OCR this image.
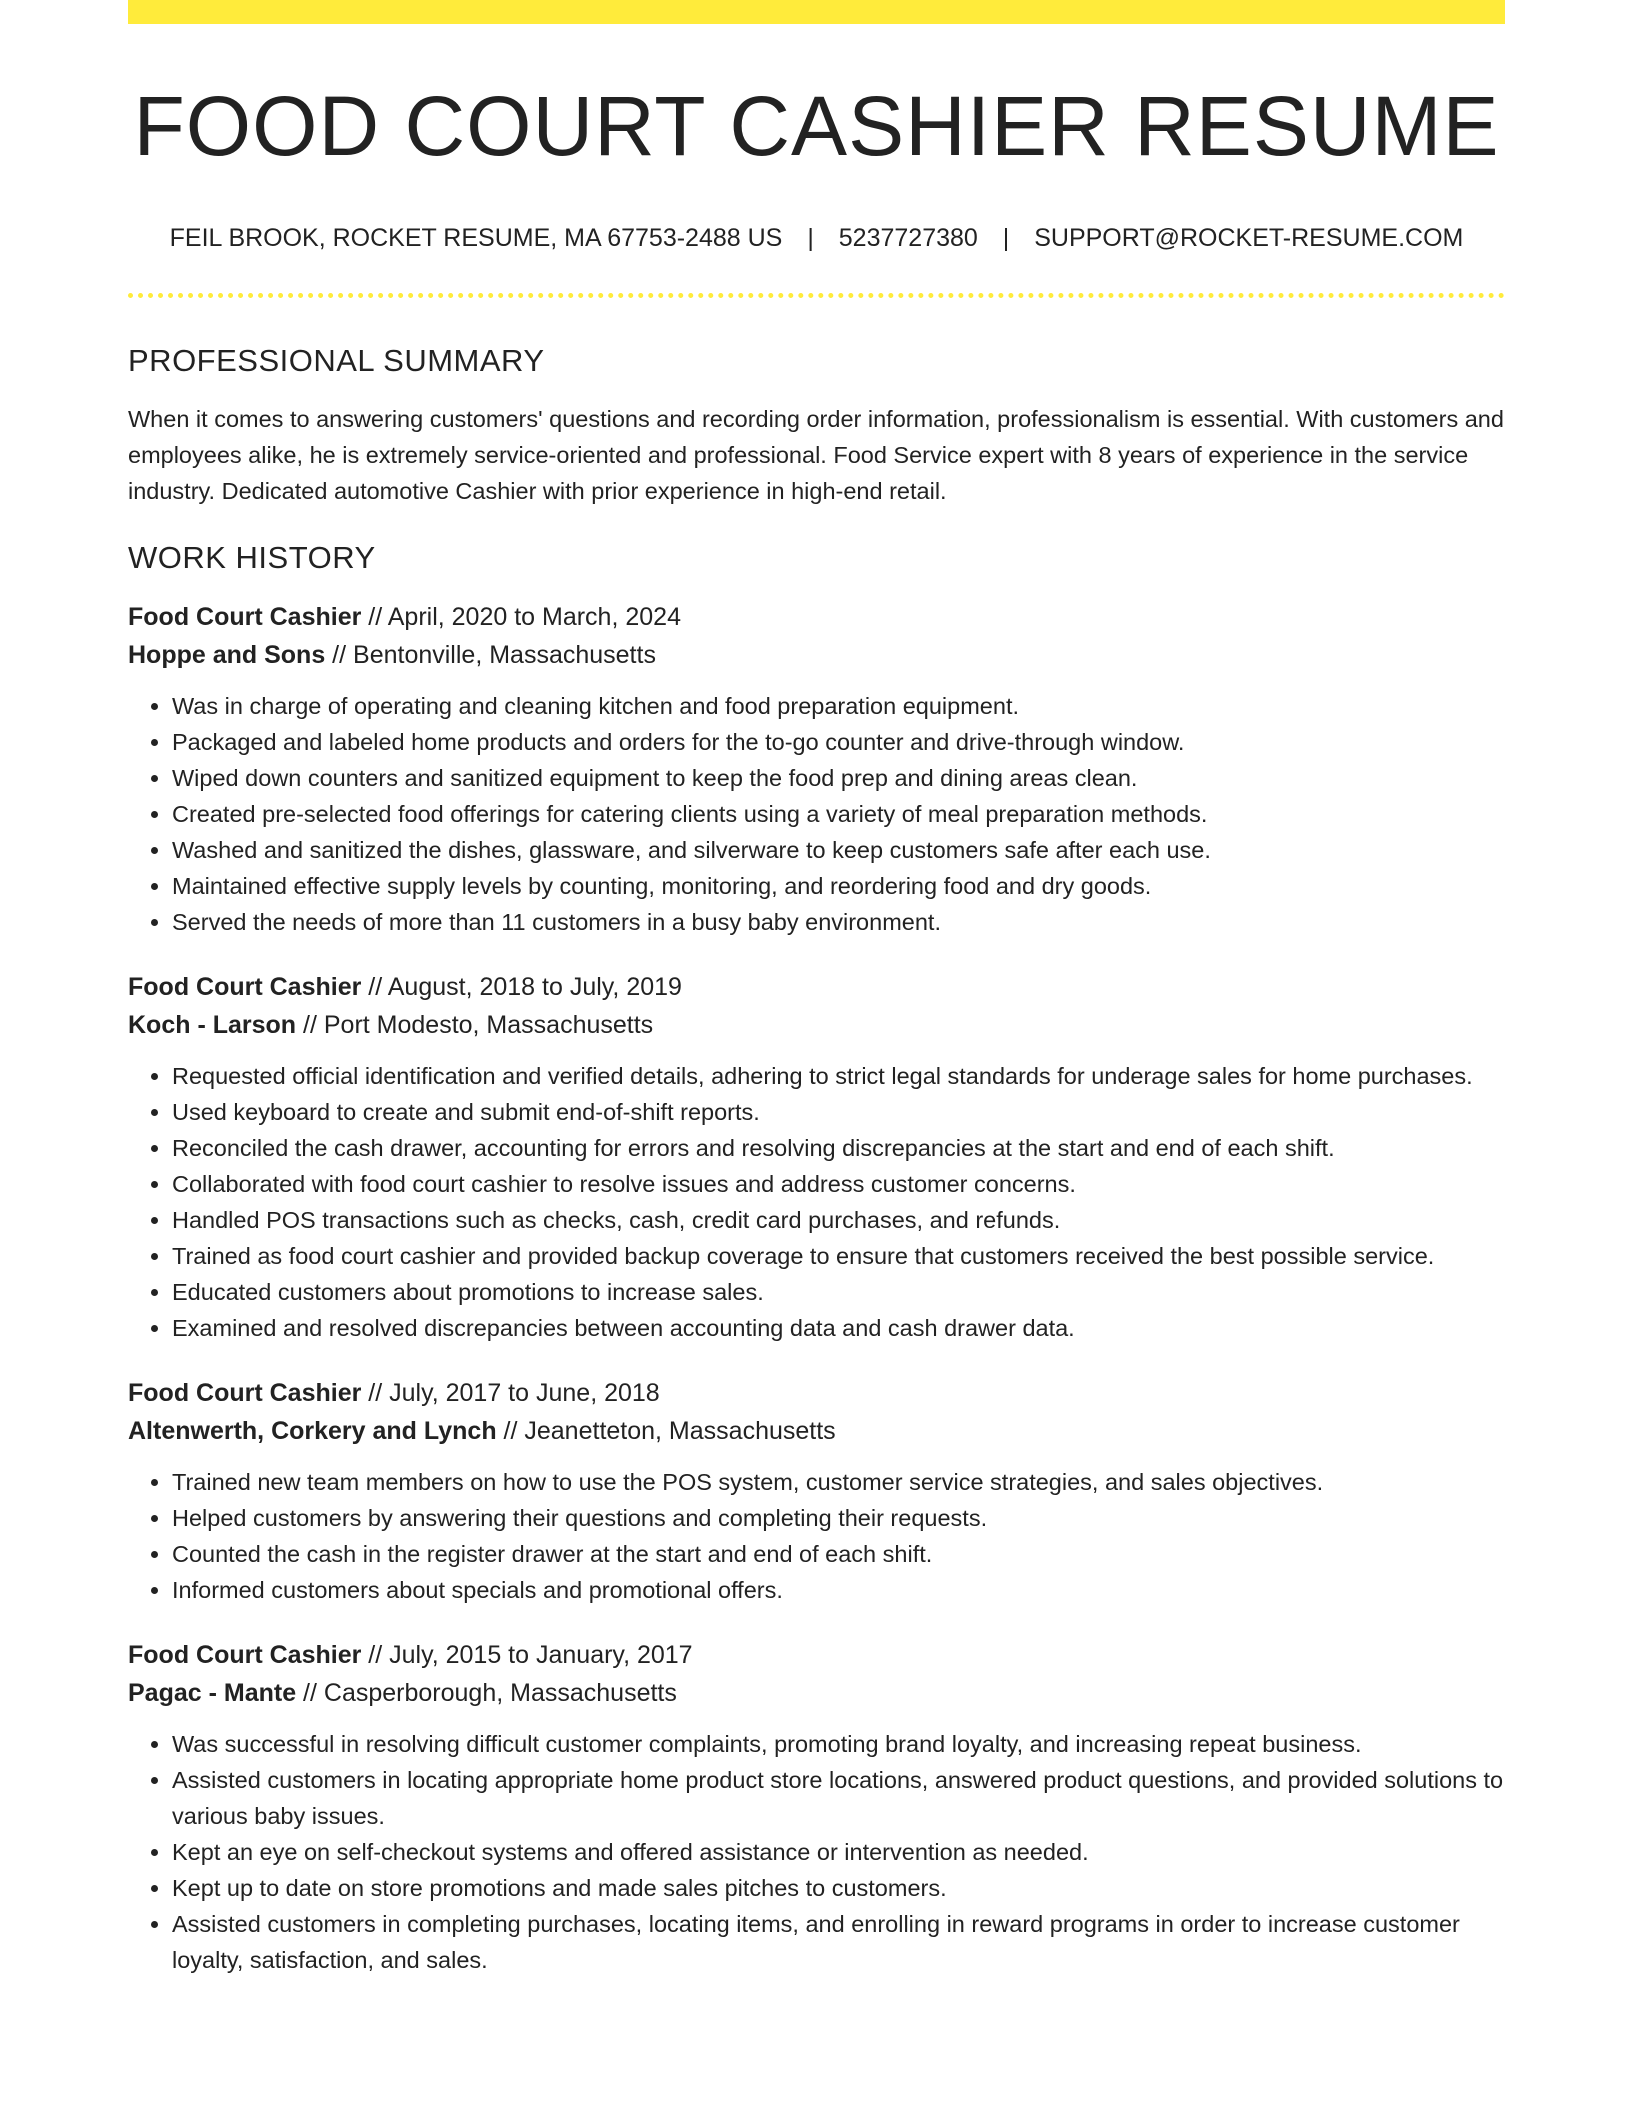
FOOD COURT CASHIER RESUME
FEIL BROOK, ROCKET RESUME, MA 67753-2488 US | 5237727380 | SUPPORT@ROCKET-RESUME.COM
PROFESSIONAL SUMMARY

When it comes to answering customers' questions and recording order information, professionalism is essential. With customers and employees alike, he is extremely service-oriented and professional. Food Service expert with 8 years of experience in the service industry. Dedicated automotive Cashier with prior experience in high-end retail.

WORK HISTORY
Food Court Cashier // April, 2020 to March, 2024
Hoppe and Sons // Bentonville, Massachusetts
• Was in charge of operating and cleaning kitchen and food preparation equipment.
• Packaged and labeled home products and orders for the to-go counter and drive-through window.
• Wiped down counters and sanitized equipment to keep the food prep and dining areas clean.
• Created pre-selected food offerings for catering clients using a variety of meal preparation methods.
• Washed and sanitized the dishes, glassware, and silverware to keep customers safe after each use.
• Maintained effective supply levels by counting, monitoring, and reordering food and dry goods.
• Served the needs of more than 11 customers in a busy baby environment.
Food Court Cashier // August, 2018 to July, 2019
Koch - Larson // Port Modesto, Massachusetts
• Requested official identification and verified details, adhering to strict legal standards for underage sales for home purchases.
• Used keyboard to create and submit end-of-shift reports.
• Reconciled the cash drawer, accounting for errors and resolving discrepancies at the start and end of each shift.
• Collaborated with food court cashier to resolve issues and address customer concerns.
• Handled POS transactions such as checks, cash, credit card purchases, and refunds.
• Trained as food court cashier and provided backup coverage to ensure that customers received the best possible service.
• Educated customers about promotions to increase sales.
• Examined and resolved discrepancies between accounting data and cash drawer data.
Food Court Cashier // July, 2017 to June, 2018
Altenwerth, Corkery and Lynch // Jeanetteton, Massachusetts
• Trained new team members on how to use the POS system, customer service strategies, and sales objectives.
• Helped customers by answering their questions and completing their requests.
• Counted the cash in the register drawer at the start and end of each shift.
• Informed customers about specials and promotional offers.
Food Court Cashier // July, 2015 to January, 2017
Pagac - Mante // Casperborough, Massachusetts
• Was successful in resolving difficult customer complaints, promoting brand loyalty, and increasing repeat business.
• Assisted customers in locating appropriate home product store locations, answered product questions, and provided solutions to various baby issues.
• Kept an eye on self-checkout systems and offered assistance or intervention as needed.
• Kept up to date on store promotions and made sales pitches to customers.
• Assisted customers in completing purchases, locating items, and enrolling in reward programs in order to increase customer loyalty, satisfaction, and sales.
